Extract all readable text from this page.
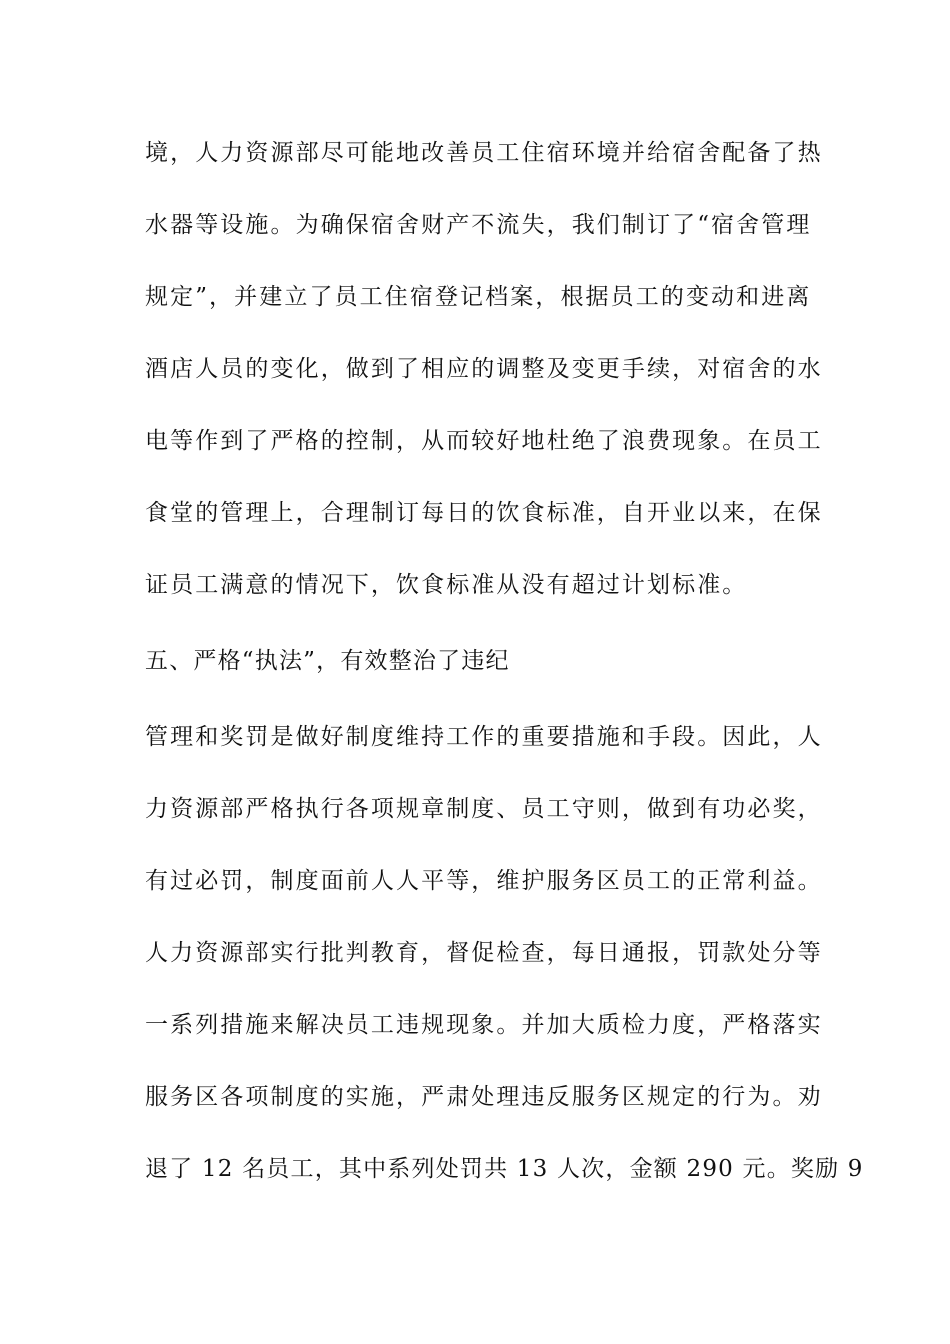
境，人力资源部尽可能地改善员工住宿环境并给宿舍配备了热
水器等设施。为确保宿舍财产不流失，我们制订了“宿舍管理
规定”，并建立了员工住宿登记档案，根据员工的变动和进离
酒店人员的变化，做到了相应的调整及变更手续，对宿舍的水
电等作到了严格的控制，从而较好地杜绝了浪费现象。在员工
食堂的管理上，合理制订每日的饮食标准，自开业以来，在保
证员工满意的情况下，饮食标准从没有超过计划标准。
五、严格“执法”，有效整治了违纪
管理和奖罚是做好制度维持工作的重要措施和手段。因此，人
力资源部严格执行各项规章制度、员工守则，做到有功必奖，
有过必罚，制度面前人人平等，维护服务区员工的正常利益。
人力资源部实行批判教育，督促检查，每日通报，罚款处分等
一系列措施来解决员工违规现象。并加大质检力度，严格落实
服务区各项制度的实施，严肃处理违反服务区规定的行为。劝
退了 12 名员工，其中系列处罚共 13 人次，金额 290 元。奖励 9
